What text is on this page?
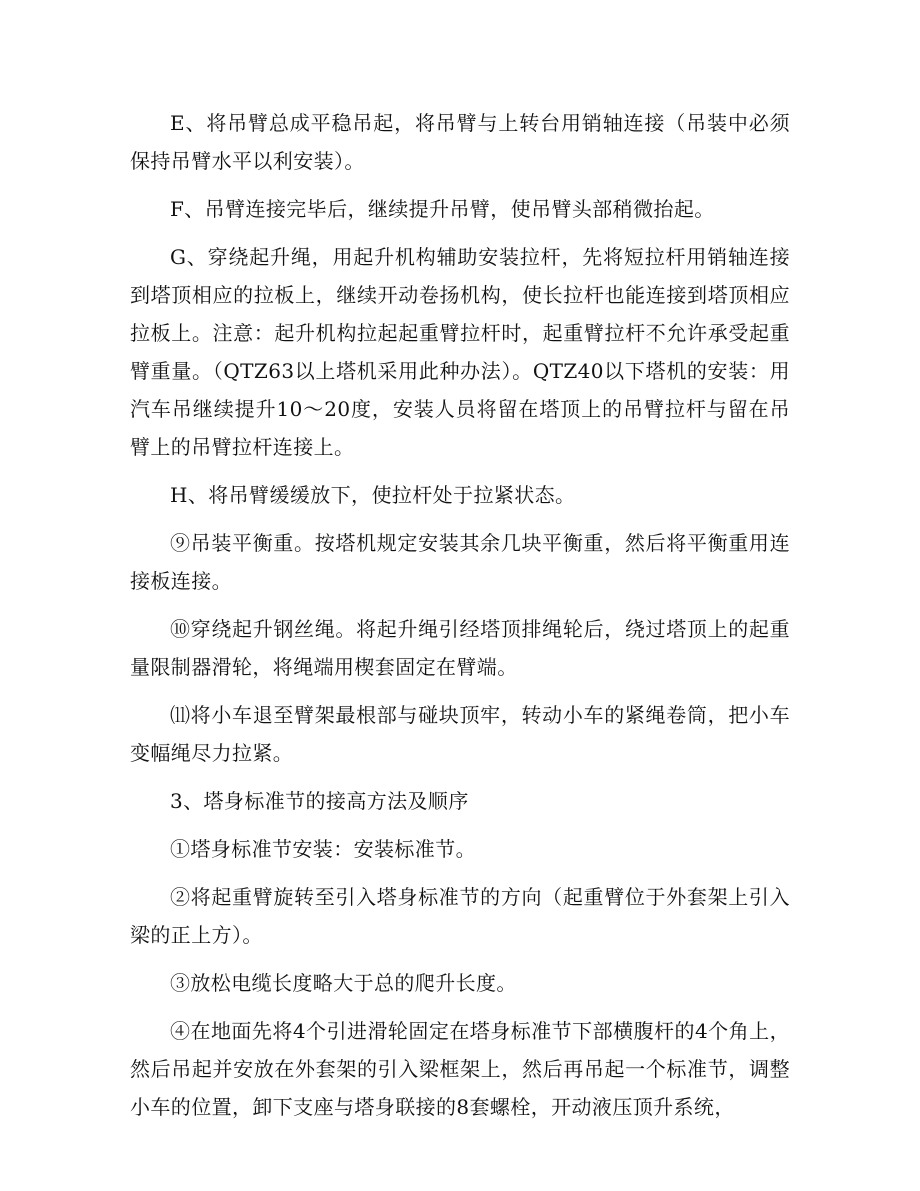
E、将吊臂总成平稳吊起，将吊臂与上转台用销轴连接（吊装中必须保持吊臂水平以利安装）。

F、吊臂连接完毕后，继续提升吊臂，使吊臂头部稍微抬起。

G、穿绕起升绳，用起升机构辅助安装拉杆，先将短拉杆用销轴连接到塔顶相应的拉板上，继续开动卷扬机构，使长拉杆也能连接到塔顶相应拉板上。注意：起升机构拉起起重臂拉杆时，起重臂拉杆不允许承受起重臂重量。（QTZ63以上塔机采用此种办法）。QTZ40以下塔机的安装：用汽车吊继续提升10～20度，安装人员将留在塔顶上的吊臂拉杆与留在吊臂上的吊臂拉杆连接上。

H、将吊臂缓缓放下，使拉杆处于拉紧状态。

⑨吊装平衡重。按塔机规定安装其余几块平衡重，然后将平衡重用连接板连接。

⑩穿绕起升钢丝绳。将起升绳引经塔顶排绳轮后，绕过塔顶上的起重量限制器滑轮，将绳端用楔套固定在臂端。

⑾将小车退至臂架最根部与碰块顶牢，转动小车的紧绳卷筒，把小车变幅绳尽力拉紧。

3、塔身标准节的接高方法及顺序

①塔身标准节安装：安装标准节。

②将起重臂旋转至引入塔身标准节的方向（起重臂位于外套架上引入梁的正上方）。

③放松电缆长度略大于总的爬升长度。

④在地面先将4个引进滑轮固定在塔身标准节下部横腹杆的4个角上，然后吊起并安放在外套架的引入梁框架上，然后再吊起一个标准节，调整小车的位置，卸下支座与塔身联接的8套螺栓，开动液压顶升系统，
